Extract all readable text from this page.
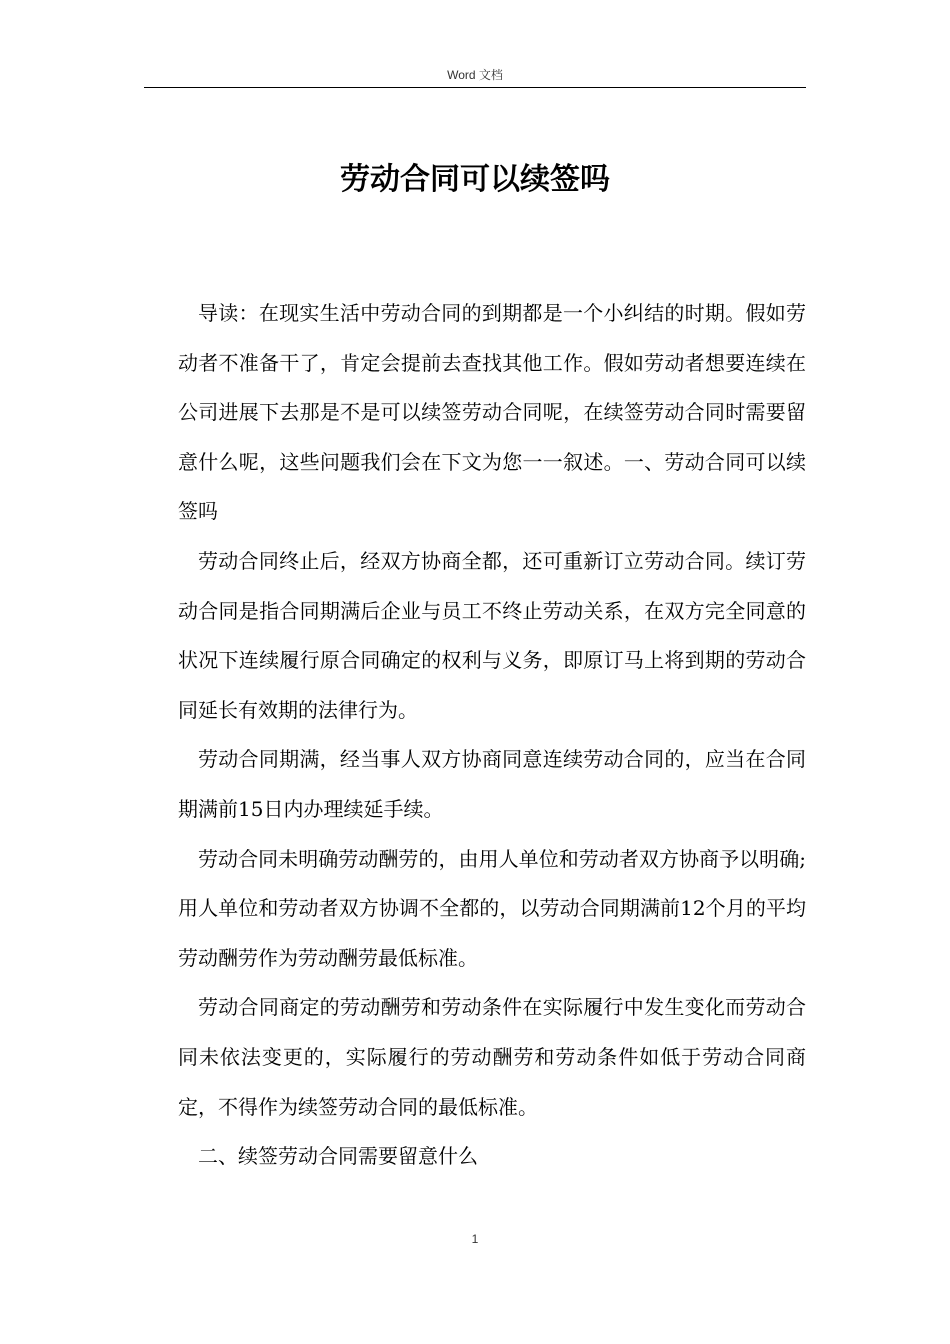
Word 文档
劳动合同可以续签吗

导读：在现实生活中劳动合同的到期都是一个小纠结的时期。假如劳动者不准备干了，肯定会提前去查找其他工作。假如劳动者想要连续在公司进展下去那是不是可以续签劳动合同呢，在续签劳动合同时需要留意什么呢，这些问题我们会在下文为您一一叙述。一、劳动合同可以续签吗

劳动合同终止后，经双方协商全都，还可重新订立劳动合同。续订劳动合同是指合同期满后企业与员工不终止劳动关系，在双方完全同意的状况下连续履行原合同确定的权利与义务，即原订马上将到期的劳动合同延长有效期的法律行为。

劳动合同期满，经当事人双方协商同意连续劳动合同的，应当在合同期满前15日内办理续延手续。

劳动合同未明确劳动酬劳的，由用人单位和劳动者双方协商予以明确;用人单位和劳动者双方协调不全都的，以劳动合同期满前12个月的平均劳动酬劳作为劳动酬劳最低标准。

劳动合同商定的劳动酬劳和劳动条件在实际履行中发生变化而劳动合同未依法变更的，实际履行的劳动酬劳和劳动条件如低于劳动合同商定，不得作为续签劳动合同的最低标准。

二、续签劳动合同需要留意什么

1
